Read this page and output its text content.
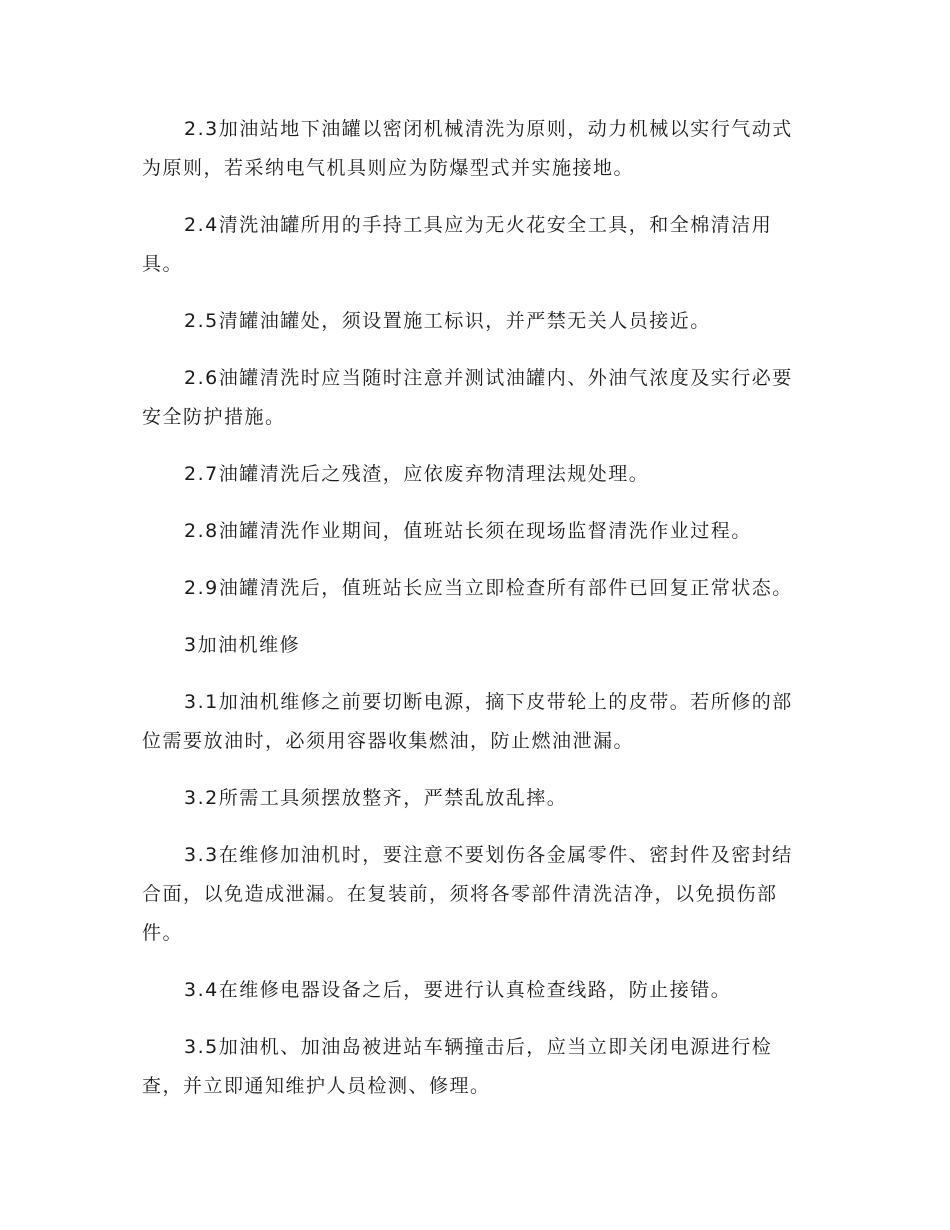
2.3加油站地下油罐以密闭机械清洗为原则，动力机械以实行气动式为原则，若采纳电气机具则应为防爆型式并实施接地。

2.4清洗油罐所用的手持工具应为无火花安全工具，和全棉清洁用具。

2.5清罐油罐处，须设置施工标识，并严禁无关人员接近。

2.6油罐清洗时应当随时注意并测试油罐内、外油气浓度及实行必要安全防护措施。

2.7油罐清洗后之残渣，应依废弃物清理法规处理。

2.8油罐清洗作业期间，值班站长须在现场监督清洗作业过程。

2.9油罐清洗后，值班站长应当立即检查所有部件已回复正常状态。

3加油机维修

3.1加油机维修之前要切断电源，摘下皮带轮上的皮带。若所修的部位需要放油时，必须用容器收集燃油，防止燃油泄漏。

3.2所需工具须摆放整齐，严禁乱放乱摔。

3.3在维修加油机时，要注意不要划伤各金属零件、密封件及密封结合面，以免造成泄漏。在复装前，须将各零部件清洗洁净，以免损伤部件。

3.4在维修电器设备之后，要进行认真检查线路，防止接错。

3.5加油机、加油岛被进站车辆撞击后，应当立即关闭电源进行检查，并立即通知维护人员检测、修理。
